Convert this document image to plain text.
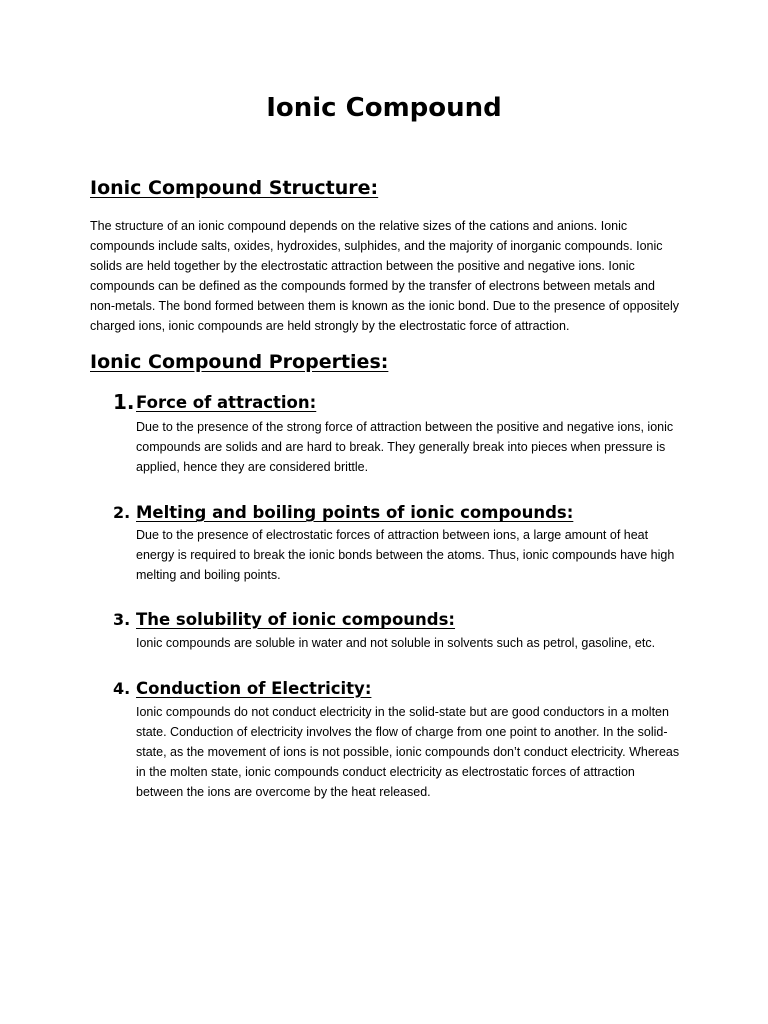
Ionic Compound
Ionic Compound Structure:

The structure of an ionic compound depends on the relative sizes of the cations and anions. Ionic compounds include salts, oxides, hydroxides, sulphides, and the majority of inorganic compounds. Ionic solids are held together by the electrostatic attraction between the positive and negative ions. Ionic compounds can be defined as the compounds formed by the transfer of electrons between metals and non-metals. The bond formed between them is known as the ionic bond. Due to the presence of oppositely charged ions, ionic compounds are held strongly by the electrostatic force of attraction.

Ionic Compound Properties:
1. Force of attraction:

Due to the presence of the strong force of attraction between the positive and negative ions, ionic compounds are solids and are hard to break. They generally break into pieces when pressure is applied, hence they are considered brittle.

2. Melting and boiling points of ionic compounds:

Due to the presence of electrostatic forces of attraction between ions, a large amount of heat energy is required to break the ionic bonds between the atoms. Thus, ionic compounds have high melting and boiling points.

3. The solubility of ionic compounds:

Ionic compounds are soluble in water and not soluble in solvents such as petrol, gasoline, etc.

4. Conduction of Electricity:

Ionic compounds do not conduct electricity in the solid-state but are good conductors in a molten state. Conduction of electricity involves the flow of charge from one point to another. In the solid-state, as the movement of ions is not possible, ionic compounds don’t conduct electricity. Whereas in the molten state, ionic compounds conduct electricity as electrostatic forces of attraction between the ions are overcome by the heat released.
